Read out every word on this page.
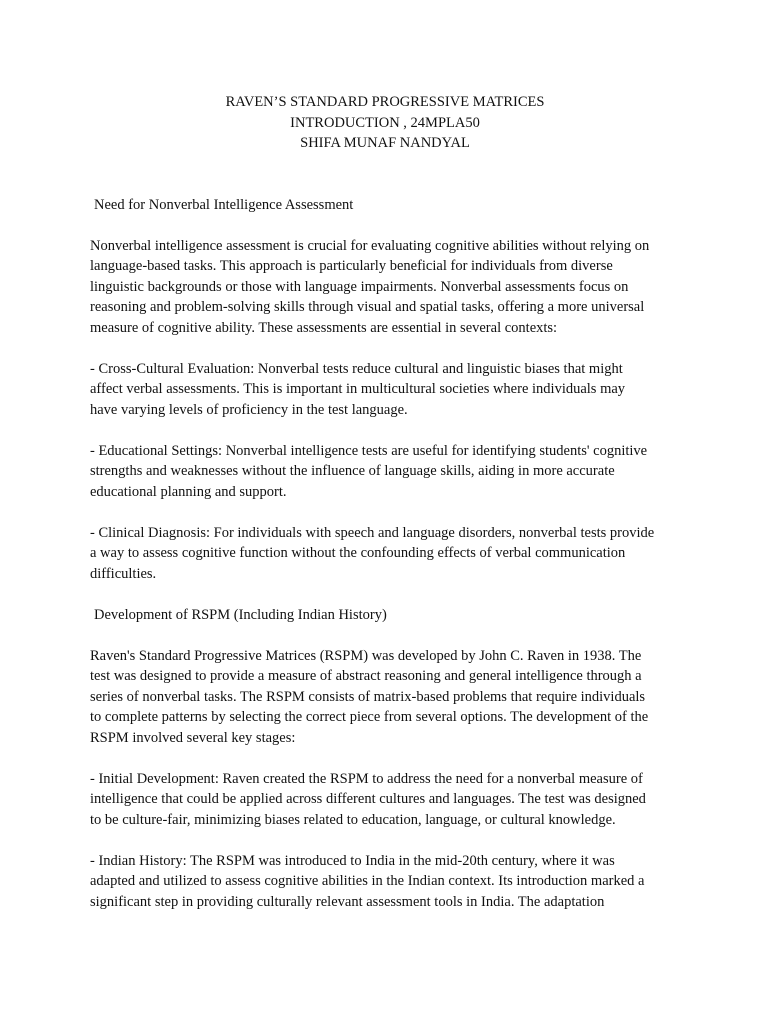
RAVEN’S STANDARD PROGRESSIVE MATRICES
INTRODUCTION , 24MPLA50
SHIFA MUNAF NANDYAL

Need for Nonverbal Intelligence Assessment

Nonverbal intelligence assessment is crucial for evaluating cognitive abilities without relying on
language-based tasks. This approach is particularly beneficial for individuals from diverse
linguistic backgrounds or those with language impairments. Nonverbal assessments focus on
reasoning and problem-solving skills through visual and spatial tasks, offering a more universal
measure of cognitive ability. These assessments are essential in several contexts:

- Cross-Cultural Evaluation: Nonverbal tests reduce cultural and linguistic biases that might
affect verbal assessments. This is important in multicultural societies where individuals may
have varying levels of proficiency in the test language.

- Educational Settings: Nonverbal intelligence tests are useful for identifying students' cognitive
strengths and weaknesses without the influence of language skills, aiding in more accurate
educational planning and support.

- Clinical Diagnosis: For individuals with speech and language disorders, nonverbal tests provide
a way to assess cognitive function without the confounding effects of verbal communication
difficulties.

Development of RSPM (Including Indian History)

Raven's Standard Progressive Matrices (RSPM) was developed by John C. Raven in 1938. The
test was designed to provide a measure of abstract reasoning and general intelligence through a
series of nonverbal tasks. The RSPM consists of matrix-based problems that require individuals
to complete patterns by selecting the correct piece from several options. The development of the
RSPM involved several key stages:

- Initial Development: Raven created the RSPM to address the need for a nonverbal measure of
intelligence that could be applied across different cultures and languages. The test was designed
to be culture-fair, minimizing biases related to education, language, or cultural knowledge.

- Indian History: The RSPM was introduced to India in the mid-20th century, where it was
adapted and utilized to assess cognitive abilities in the Indian context. Its introduction marked a
significant step in providing culturally relevant assessment tools in India. The adaptation
